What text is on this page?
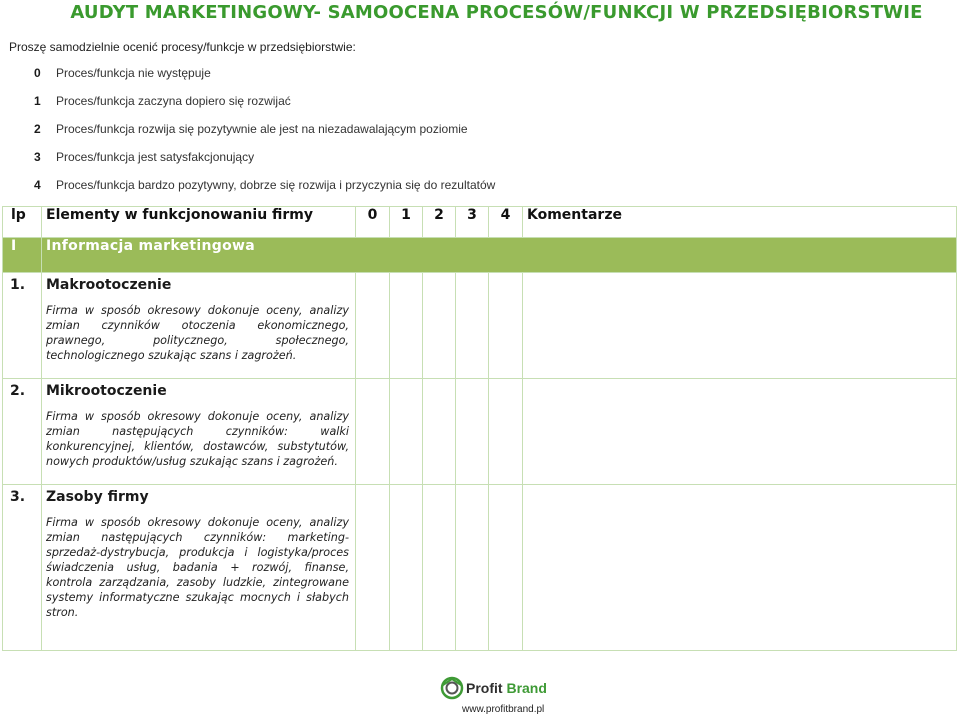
AUDYT MARKETINGOWY- SAMOOCENA PROCESÓW/FUNKCJI W PRZEDSIĘBIORSTWIE
Proszę samodzielnie ocenić procesy/funkcje w przedsiębiorstwie:
0 Proces/funkcja nie występuje
1 Proces/funkcja zaczyna dopiero się rozwijać
2 Proces/funkcja rozwija się pozytywnie ale jest na niezadawalającym poziomie
3 Proces/funkcja jest satysfakcjonujący
4 Proces/funkcja bardzo pozytywny, dobrze się rozwija i przyczynia się do rezultatów
lp	Elementy w funkcjonowaniu firmy	0	1	2	3	4	Komentarze
I	Informacja marketingowa						
1.	Makrootoczenie
Firma w sposób okresowy dokonuje oceny, analizy zmian czynników otoczenia ekonomicznego, prawnego, politycznego, społecznego, technologicznego szukając szans i zagrożeń.						

2.	Mikrootoczenie
Firma w sposób okresowy dokonuje oceny, analizy zmian następujących czynników: walki konkurencyjnej, klientów, dostawców, substytutów, nowych produktów/usług szukając szans i zagrożeń.						

3.	Zasoby firmy
Firma w sposób okresowy dokonuje oceny, analizy zmian następujących czynników: marketing-sprzedaż-dystrybucja, produkcja i logistyka/proces świadczenia usług, badania + rozwój, finanse, kontrola zarządzania, zasoby ludzkie, zintegrowane systemy informatyczne szukając mocnych i słabych stron.						

Profit Brand
www.profitbrand.pl
